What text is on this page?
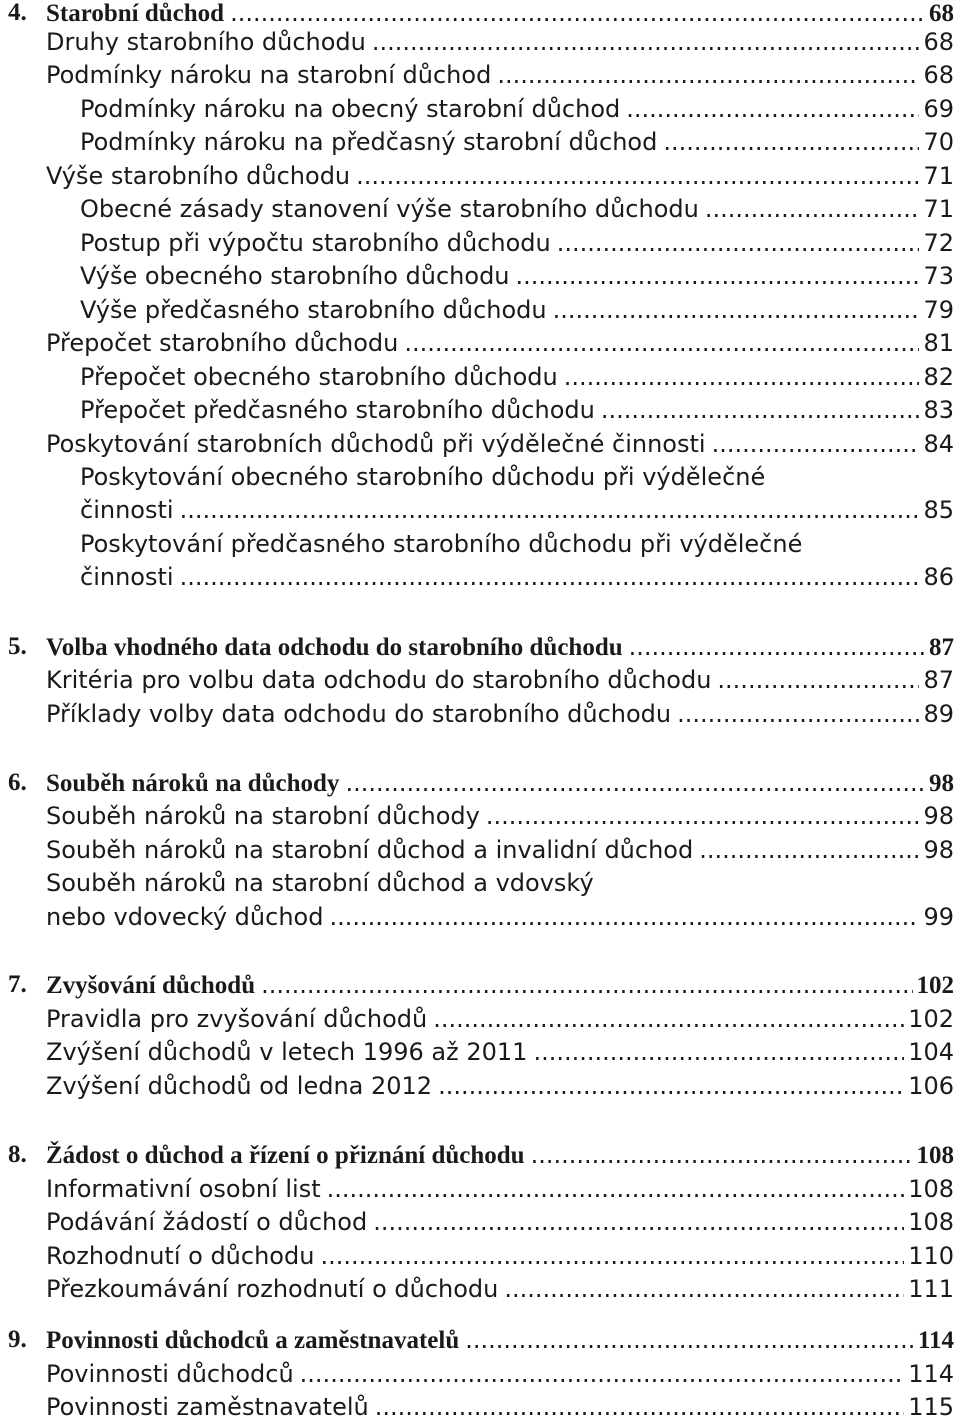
4. Starobní důchod .....	68
Druhy starobního důchodu .....	68
Podmínky nároku na starobní důchod .....	68
Podmínky nároku na obecný starobní důchod .....	69
Podmínky nároku na předčasný starobní důchod .....	70
Výše starobního důchodu .....	71
Obecné zásady stanovení výše starobního důchodu .....	71
Postup při výpočtu starobního důchodu .....	72
Výše obecného starobního důchodu .....	73
Výše předčasného starobního důchodu .....	79
Přepočet starobního důchodu .....	81
Přepočet obecného starobního důchodu .....	82
Přepočet předčasného starobního důchodu .....	83
Poskytování starobních důchodů při výdělečné činnosti .....	84
Poskytování obecného starobního důchodu při výdělečné
činnosti .....	85
Poskytování předčasného starobního důchodu při výdělečné
činnosti .....	86
5. Volba vhodného data odchodu do starobního důchodu .....	87
Kritéria pro volbu data odchodu do starobního důchodu .....	87
Příklady volby data odchodu do starobního důchodu .....	89
6. Souběh nároků na důchody .....	98
Souběh nároků na starobní důchody .....	98
Souběh nároků na starobní důchod a invalidní důchod .....	98
Souběh nároků na starobní důchod a vdovský
nebo vdovecký důchod .....	99
7. Zvyšování důchodů .....	102
Pravidla pro zvyšování důchodů .....	102
Zvýšení důchodů v letech 1996 až 2011 .....	104
Zvýšení důchodů od ledna 2012 .....	106
8. Žádost o důchod a řízení o přiznání důchodu .....	108
Informativní osobní list .....	108
Podávání žádostí o důchod .....	108
Rozhodnutí o důchodu .....	110
Přezkoumávání rozhodnutí o důchodu .....	111
9. Povinnosti důchodců a zaměstnavatelů .....	114
Povinnosti důchodců .....	114
Povinnosti zaměstnavatelů .....	115
